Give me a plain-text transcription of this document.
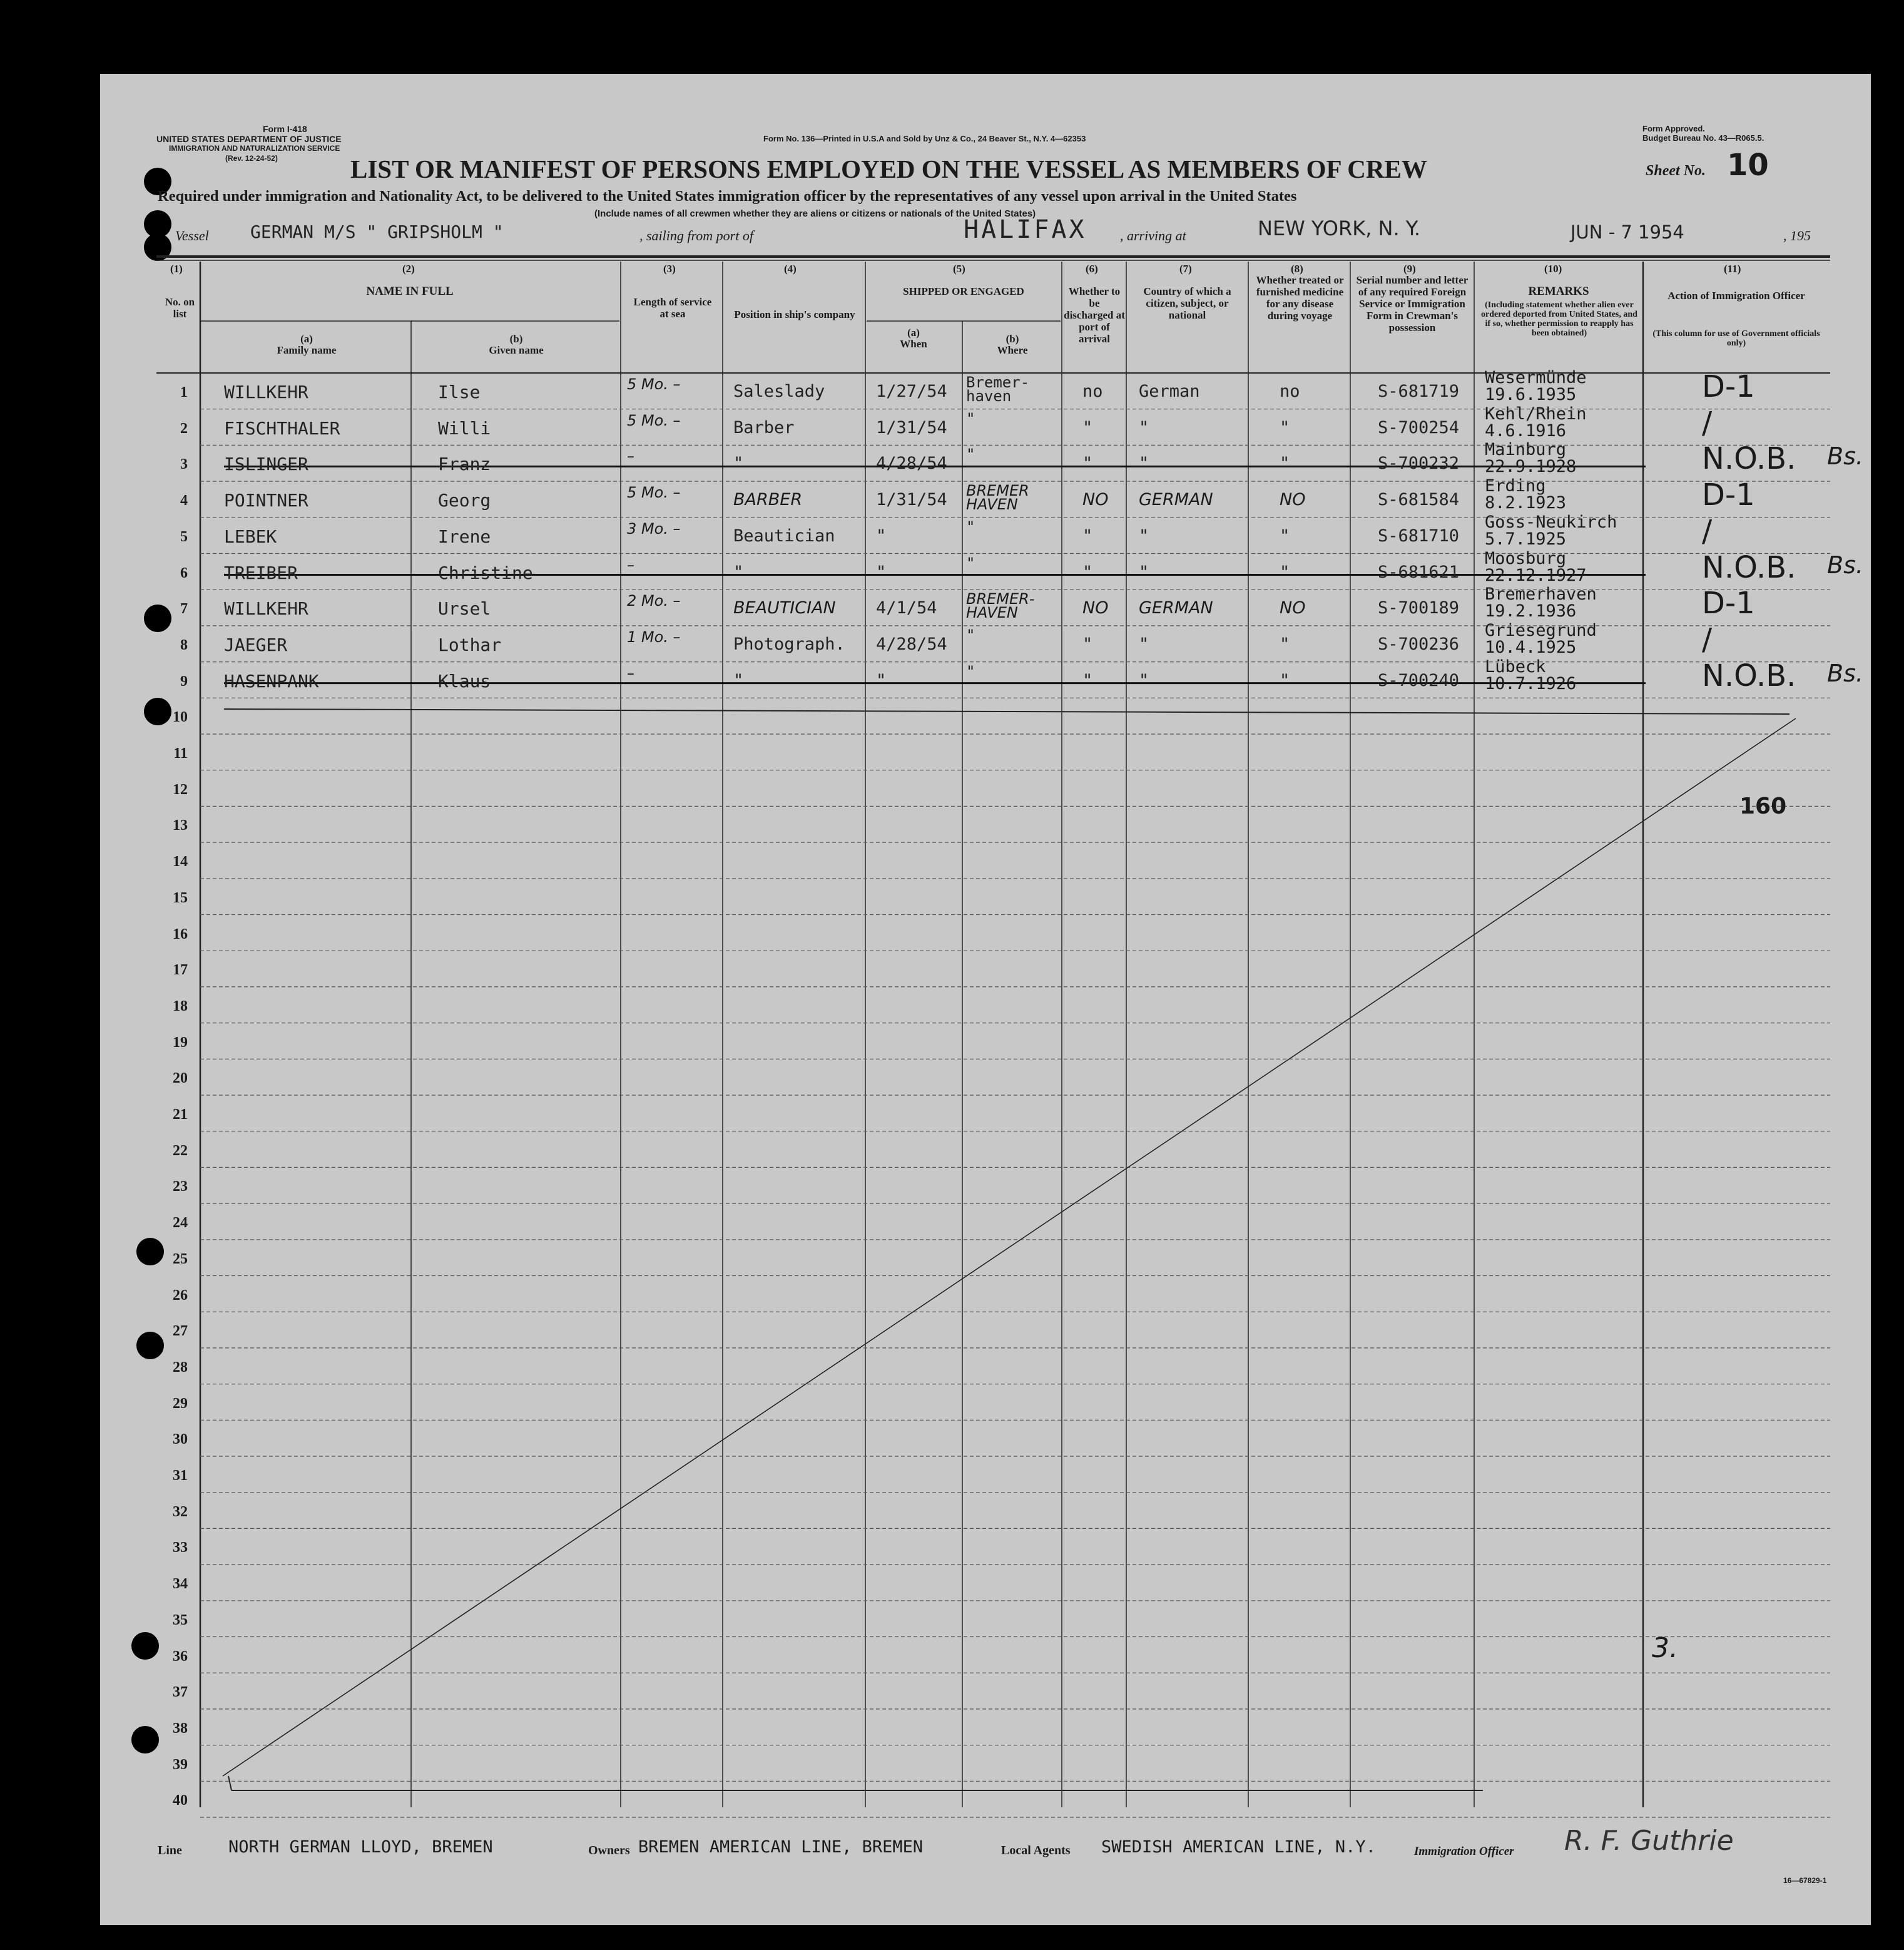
Form I-418
UNITED STATES DEPARTMENT OF JUSTICE
IMMIGRATION AND NATURALIZATION SERVICE
(Rev. 12-24-52)
Form No. 136—Printed in U.S.A and Sold by Unz & Co., 24 Beaver St., N.Y. 4—62353
Form Approved.
Budget Bureau No. 43—R065.5.
LIST OR MANIFEST OF PERSONS EMPLOYED ON THE VESSEL AS MEMBERS OF CREW	Sheet No. 10
Required under immigration and Nationality Act, to be delivered to the United States immigration officer by the representatives of any vessel upon arrival in the United States
(Include names of all crewmen whether they are aliens or citizens or nationals of the United States)
Vessel GERMAN M/S " GRIPSHOLM "	, sailing from port of	HALIFAX , arriving at	NEW YORK, N. Y.	JUN - 7 1954	, 195
(1)
No. on list
(2)
NAME IN FULL
(a)
Family name
(b)
Given name
(3)
Length of service at sea
(4)
Position in ship's company
(5)
SHIPPED OR ENGAGED
(a)
When	(b)
Where
(6)
Whether to be discharged at port of arrival
(7)
Country of which a citizen, subject, or national
(8)
Whether treated or furnished medicine for any disease during voyage
(9)
Serial number and letter of any required Foreign Service or Immigration Form in Crewman's possession
(10)
REMARKS
(Including statement whether alien ever ordered deported from United States, and if so, whether permission to reapply has been obtained)
(11)
Action of Immigration Officer
(This column for use of Government officials only)
1 WILLKEHR	Ilse	5 Mo. –	Saleslady	1/27/54 Bremer- haven	no German	no	S-681719
Wesermünde
19.6.1935	D-1
2 FISCHTHALER	Willi	5 Mo. –	Barber	1/31/54 "	"	"	"	S-700254
Kehl/Rhein
4.6.1916	/
3 ISLINGER	Franz	–	"	4/28/54 "	"	"	"	S-700232
Mainburg
22.9.1928	N.O.B. Bs.
4 POINTNER	Georg	5 Mo. –	BARBER	1/31/54 BREMER HAVEN	NO GERMAN	NO	S-681584
Erding
8.2.1923	D-1
5 LEBEK	Irene	3 Mo. –	Beautician "	"	"	"	"	S-681710
Goss-Neukirch
5.7.1925	/
6 TREIBER	Christine	–	"	"	"	"	"	"	S-681621
Moosburg
22.12.1927	N.O.B. Bs.
7 WILLKEHR	Ursel	2 Mo. –	BEAUTICIAN 4/1/54 BREMER- HAVEN	NO GERMAN	NO	S-700189
Bremerhaven
19.2.1936	D-1
8 JAEGER	Lothar	1 Mo. –	Photograph. 4/28/54 "	"	"	"	S-700236
Griesegrund
10.4.1925	/
9 HASENPANK	Klaus	–	"	"	"	"	"	"	S-700240
Lübeck
10.7.1926	N.O.B. Bs.
10
11
12
13
14
15
16
17
18
19
20
21
22
23
24
25
26
27
28
29
30
31
32
33
34
35
36
37
38
39
40
160
3.
Line	NORTH GERMAN LLOYD, BREMEN	Owners BREMEN AMERICAN LINE, BREMEN	Local Agents SWEDISH AMERICAN LINE, N.Y.	Immigration Officer R. F. Guthrie
16—67829-1
